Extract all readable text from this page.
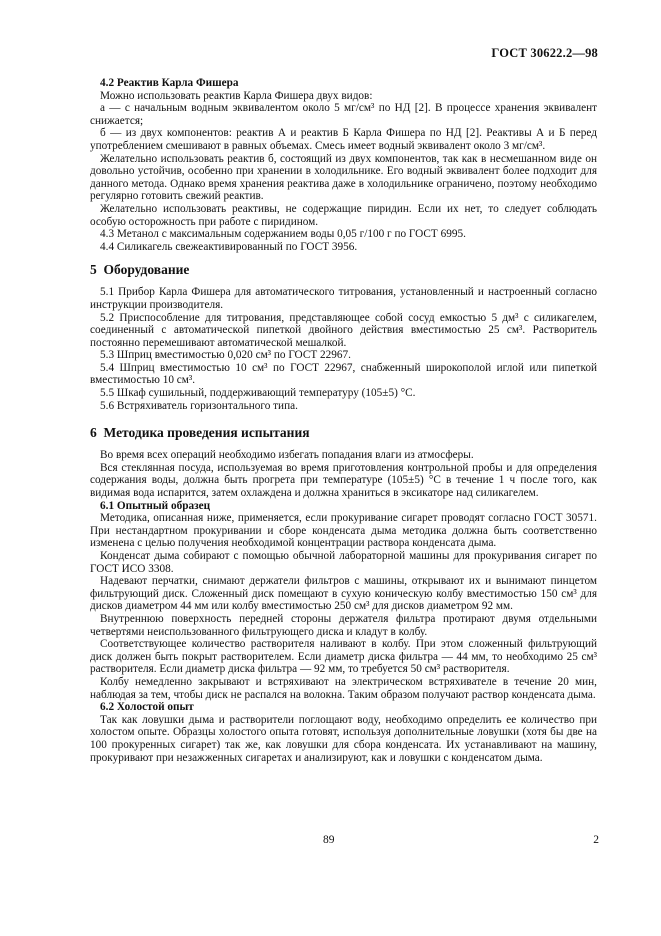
ГОСТ 30622.2—98

4.2 Реактив Карла Фишера

Можно использовать реактив Карла Фишера двух видов:

а — с начальным водным эквивалентом около 5 мг/см³ по НД [2]. В процессе хранения эквивалент снижается;

б — из двух компонентов: реактив А и реактив Б Карла Фишера по НД [2]. Реактивы А и Б перед употреблением смешивают в равных объемах. Смесь имеет водный эквивалент около 3 мг/см³.

Желательно использовать реактив б, состоящий из двух компонентов, так как в несмешанном виде он довольно устойчив, особенно при хранении в холодильнике. Его водный эквивалент более подходит для данного метода. Однако время хранения реактива даже в холодильнике ограничено, поэтому необходимо регулярно готовить свежий реактив.

Желательно использовать реактивы, не содержащие пиридин. Если их нет, то следует соблюдать особую осторожность при работе с пиридином.

4.3 Метанол с максимальным содержанием воды 0,05 г/100 г по ГОСТ 6995.

4.4 Силикагель свежеактивированный по ГОСТ 3956.

5 Оборудование

5.1 Прибор Карла Фишера для автоматического титрования, установленный и настроенный согласно инструкции производителя.

5.2 Приспособление для титрования, представляющее собой сосуд емкостью 5 дм³ с силикагелем, соединенный с автоматической пипеткой двойного действия вместимостью 25 см³. Растворитель постоянно перемешивают автоматической мешалкой.

5.3 Шприц вместимостью 0,020 см³ по ГОСТ 22967.

5.4 Шприц вместимостью 10 см³ по ГОСТ 22967, снабженный широкополой иглой или пипеткой вместимостью 10 см³.

5.5 Шкаф сушильный, поддерживающий температуру (105±5) °С.

5.6 Встряхиватель горизонтального типа.

6 Методика проведения испытания

Во время всех операций необходимо избегать попадания влаги из атмосферы.

Вся стеклянная посуда, используемая во время приготовления контрольной пробы и для определения содержания воды, должна быть прогрета при температуре (105±5) °С в течение 1 ч после того, как видимая вода испарится, затем охлаждена и должна храниться в эксикаторе над силикагелем.

6.1 Опытный образец

Методика, описанная ниже, применяется, если прокуривание сигарет проводят согласно ГОСТ 30571. При нестандартном прокуривании и сборе конденсата дыма методика должна быть соответственно изменена с целью получения необходимой концентрации раствора конденсата дыма.

Конденсат дыма собирают с помощью обычной лабораторной машины для прокуривания сигарет по ГОСТ ИСО 3308.

Надевают перчатки, снимают держатели фильтров с машины, открывают их и вынимают пинцетом фильтрующий диск. Сложенный диск помещают в сухую коническую колбу вместимостью 150 см³ для дисков диаметром 44 мм или колбу вместимостью 250 см³ для дисков диаметром 92 мм.

Внутреннюю поверхность передней стороны держателя фильтра протирают двумя отдельными четвертями неиспользованного фильтрующего диска и кладут в колбу.

Соответствующее количество растворителя наливают в колбу. При этом сложенный фильтрующий диск должен быть покрыт растворителем. Если диаметр диска фильтра — 44 мм, то необходимо 25 см³ растворителя. Если диаметр диска фильтра — 92 мм, то требуется 50 см³ растворителя.

Колбу немедленно закрывают и встряхивают на электрическом встряхивателе в течение 20 мин, наблюдая за тем, чтобы диск не распался на волокна. Таким образом получают раствор конденсата дыма.

6.2 Холостой опыт

Так как ловушки дыма и растворители поглощают воду, необходимо определить ее количество при холостом опыте. Образцы холостого опыта готовят, используя дополнительные ловушки (хотя бы две на 100 прокуренных сигарет) так же, как ловушки для сбора конденсата. Их устанавливают на машину, прокуривают при незажженных сигаретах и анализируют, как и ловушки с конденсатом дыма.

89	2
